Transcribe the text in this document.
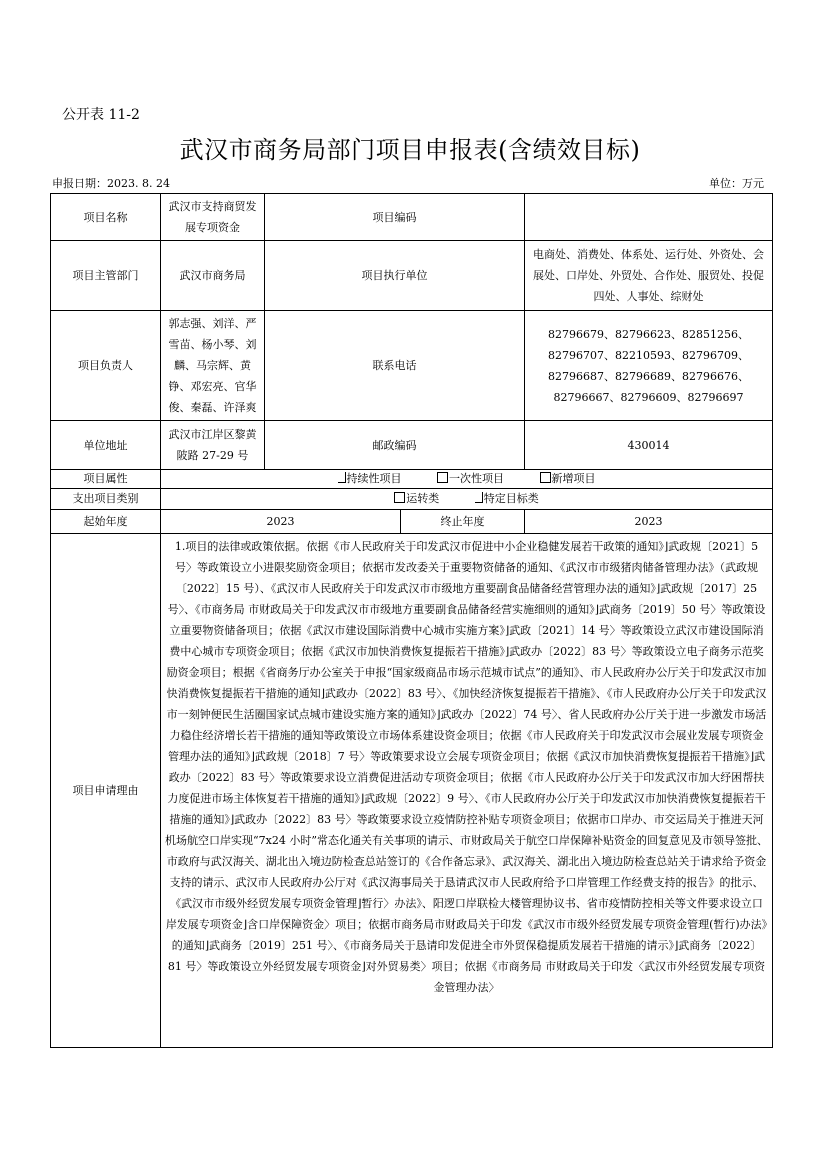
公开表 11-2
武汉市商务局部门项目申报表(含绩效目标)
申报日期：2023. 8. 24	单位：万元
项目名称	武汉市支持商贸发展专项资金	项目编码		
项目主管部门	武汉市商务局	项目执行单位		电商处、消费处、体系处、运行处、外资处、会展处、口岸处、外贸处、合作处、服贸处、投促四处、人事处、综财处
项目负责人	郭志强、刘洋、严雪苗、杨小琴、刘麟、马宗辉、黄铮、邓宏亮、官华俊、秦磊、许泽爽	联系电话		82796679、82796623、82851256、82796707、82210593、82796709、82796687、82796689、82796676、82796667、82796609、82796697
单位地址	武汉市江岸区黎黄陂路 27-29 号	邮政编码		430014
项目属性	持续性项目 一次性项目 新增项目			
支出项目类别	运转类 特定目标类			
起始年度	2023		终止年度	2023
项目申请理由	1.项目的法律或政策依据。依据《市人民政府关于印发武汉市促进中小企业稳健发展若干政策的通知》⌋武政规〔2021〕5 号〉等政策设立小进限奖励资金项目；依据市发改委关于重要物资储备的通知、《武汉市市级猪肉储备管理办法》（武政规〔2022〕15 号）、《武汉市人民政府关于印发武汉市市级地方重要副食品储备经营管理办法的通知》⌋武政规〔2017〕25 号〉、《市商务局 市财政局关于印发武汉市市级地方重要副食品储备经营实施细则的通知》⌋武商务〔2019〕50 号〉等政策设立重要物资储备项目；依据《武汉市建设国际消费中心城市实施方案》⌋武政〔2021〕14 号〉等政策设立武汉市建设国际消费中心城市专项资金项目；依据《武汉市加快消费恢复提振若干措施》⌋武政办〔2022〕83 号〉等政策设立电子商务示范奖励资金项目；根据《省商务厅办公室关于申报“国家级商品市场示范城市试点”的通知》、市人民政府办公厅关于印发武汉市加快消费恢复提振若干措施的通知⌋武政办〔2022〕83 号〉、《加快经济恢复提振若干措施》、《市人民政府办公厅关于印发武汉市一刻钟便民生活圈国家试点城市建设实施方案的通知》⌋武政办〔2022〕74 号〉、省人民政府办公厅关于进一步激发市场活力稳住经济增长若干措施的通知等政策设立市场体系建设资金项目；依据《市人民政府关于印发武汉市会展业发展专项资金管理办法的通知》⌋武政规〔2018〕7 号〉等政策要求设立会展专项资金项目；依据《武汉市加快消费恢复提振若干措施》⌋武政办〔2022〕83 号〉等政策要求设立消费促进活动专项资金项目；依据《市人民政府办公厅关于印发武汉市加大纾困帮扶力度促进市场主体恢复若干措施的通知》⌋武政规〔2022〕9 号〉、《市人民政府办公厅关于印发武汉市加快消费恢复提振若干措施的通知》⌋武政办〔2022〕83 号〉等政策要求设立疫情防控补贴专项资金项目；依据市口岸办、市交运局关于推进天河机场航空口岸实现“7x24 小时”常态化通关有关事项的请示、市财政局关于航空口岸保障补贴资金的回复意见及市领导签批、市政府与武汉海关、湖北出入境边防检查总站签订的《合作备忘录》、武汉海关、湖北出入境边防检查总站关于请求给予资金支持的请示、武汉市人民政府办公厅对《武汉海事局关于恳请武汉市人民政府给予口岸管理工作经费支持的报告》的批示、《武汉市市级外经贸发展专项资金管理⌋暂行〉办法》、阳逻口岸联检大楼管理协议书、省市疫情防控相关等文件要求设立口岸发展专项资金⌋含口岸保障资金〉项目；依据市商务局市财政局关于印发《武汉市市级外经贸发展专项资金管理(暂行)办法》的通知⌋武商务〔2019〕251 号〉、《市商务局关于恳请印发促进全市外贸保稳提质发展若干措施的请示》⌋武商务〔2022〕81 号〉等政策设立外经贸发展专项资金⌋对外贸易类〉项目；依据《市商务局 市财政局关于印发〈武汉市外经贸发展专项资金管理办法〉			
